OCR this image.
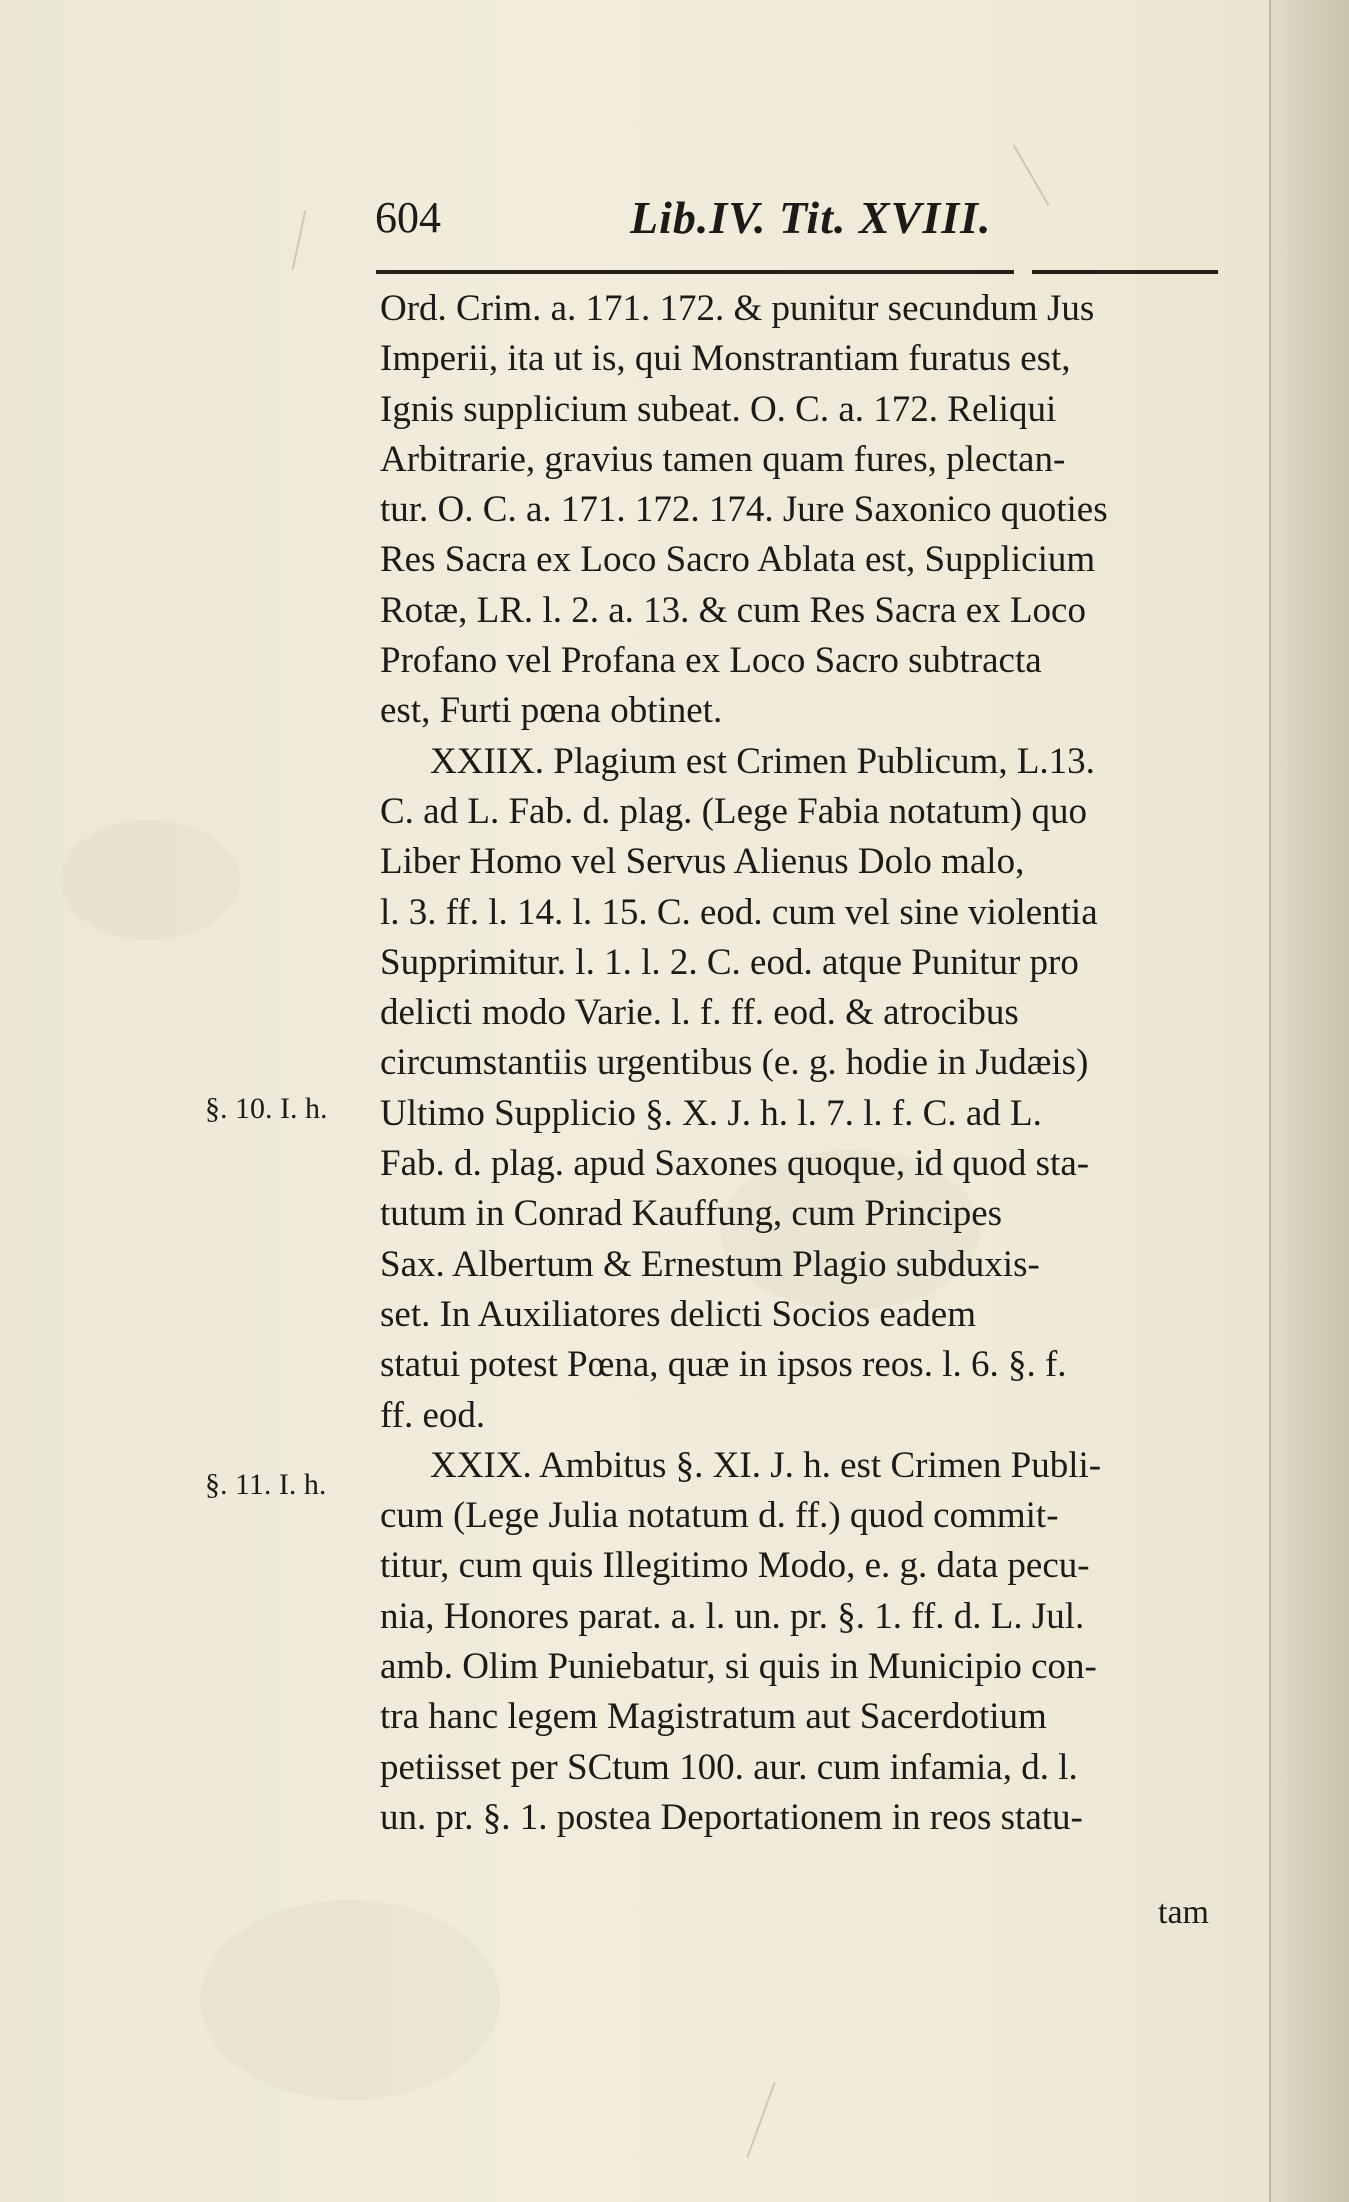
604	Lib.IV. Tit. XVIII.
Ord. Crim. a. 171. 172. & punitur secundum Jus
Imperii, ita ut is, qui Monstrantiam furatus est,
Ignis supplicium subeat. O. C. a. 172. Reliqui
Arbitrarie, gravius tamen quam fures, plectan-
tur. O. C. a. 171. 172. 174. Jure Saxonico quoties
Res Sacra ex Loco Sacro Ablata est, Supplicium
Rotæ, LR. l. 2. a. 13. & cum Res Sacra ex Loco
Profano vel Profana ex Loco Sacro subtracta
est, Furti pœna obtinet.
XXIIX. Plagium est Crimen Publicum, L.13.
C. ad L. Fab. d. plag. (Lege Fabia notatum) quo
Liber Homo vel Servus Alienus Dolo malo,
l. 3. ff. l. 14. l. 15. C. eod. cum vel sine violentia
Supprimitur. l. 1. l. 2. C. eod. atque Punitur pro
delicti modo Varie. l. f. ff. eod. & atrocibus
circumstantiis urgentibus (e. g. hodie in Judæis)
Ultimo Supplicio §. X. J. h. l. 7. l. f. C. ad L.
Fab. d. plag. apud Saxones quoque, id quod sta-
tutum in Conrad Kauffung, cum Principes
Sax. Albertum & Ernestum Plagio subduxis-
set. In Auxiliatores delicti Socios eadem
statui potest Pœna, quæ in ipsos reos. l. 6. §. f.
ff. eod.
XXIX. Ambitus §. XI. J. h. est Crimen Publi-
cum (Lege Julia notatum d. ff.) quod commit-
titur, cum quis Illegitimo Modo, e. g. data pecu-
nia, Honores parat. a. l. un. pr. §. 1. ff. d. L. Jul.
amb. Olim Puniebatur, si quis in Municipio con-
tra hanc legem Magistratum aut Sacerdotium
petiisset per SCtum 100. aur. cum infamia, d. l.
un. pr. §. 1. postea Deportationem in reos statu-
§. 10. I. h.
§. 11. I. h.
tam
